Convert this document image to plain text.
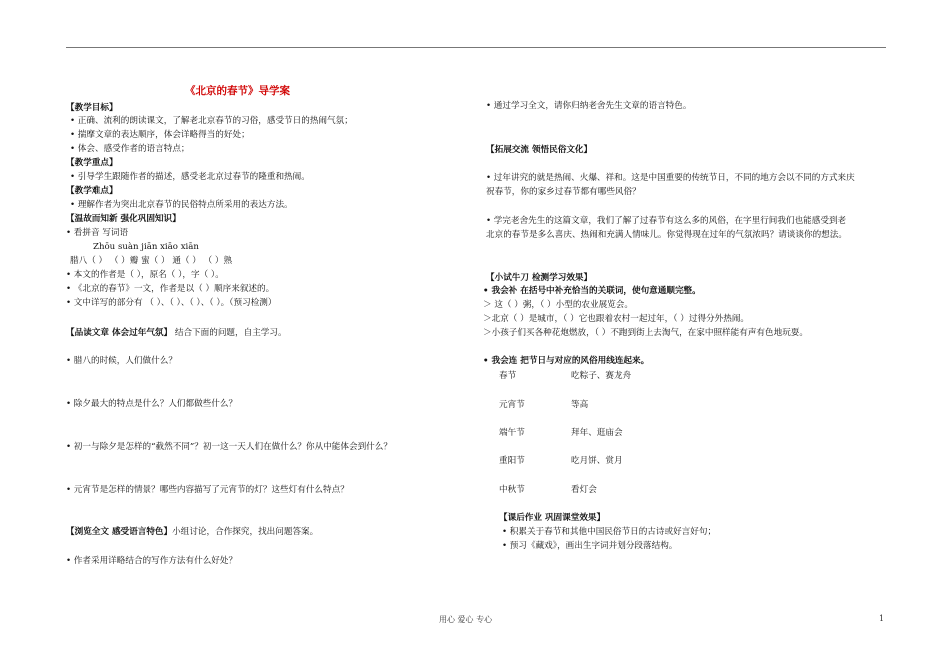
《北京的春节》导学案
【教学目标】
• 正确、流利的朗读课文，了解老北京春节的习俗，感受节日的热闹气氛；
• 揣摩文章的表达顺序，体会详略得当的好处；
• 体会、感受作者的语言特点；
【教学重点】
• 引导学生跟随作者的描述，感受老北京过春节的隆重和热闹。
【教学难点】
• 理解作者为突出北京春节的民俗特点所采用的表达方法。
【温故而知新 强化巩固知识】
• 看拼音 写词语
Zhōu suàn jiān xiāo xiān
腊八（ ） （ ）瓣 蜜（ ） 通（ ） （ ）熟
• 本文的作者是（ ），原名（ ），字（ ）。
• 《北京的春节》一文，作者是以（ ）顺序来叙述的。
• 文中详写的部分有 （ ）、（ ）、（ ）、（ ）。（预习检测）
【品读文章 体会过年气氛】 结合下面的问题，自主学习。
• 腊八的时候，人们做什么？
• 除夕最大的特点是什么？人们都做些什么？
• 初一与除夕是怎样的“截然不同”？初一这一天人们在做什么？你从中能体会到什么？
• 元宵节是怎样的情景？哪些内容描写了元宵节的灯？这些灯有什么特点？
【浏览全文 感受语言特色】小组讨论，合作探究，找出问题答案。
• 作者采用详略结合的写作方法有什么好处？
• 通过学习全文，请你归纳老舍先生文章的语言特色。
【拓展交流 领悟民俗文化】
• 过年讲究的就是热闹、火爆、祥和。这是中国重要的传统节日，不同的地方会以不同的方式来庆
祝春节，你的家乡过春节都有哪些风俗？
• 学完老舍先生的这篇文章，我们了解了过春节有这么多的风俗，在字里行间我们也能感受到老
北京的春节是多么喜庆、热闹和充满人情味儿。你觉得现在过年的气氛浓吗？请谈谈你的想法。
【小试牛刀 检测学习效果】
• 我会补 在括号中补充恰当的关联词，使句意通顺完整。
＞ 这（ ）粥，（ ）小型的农业展览会。
＞北京（ ）是城市，（ ）它也跟着农村一起过年，（ ）过得分外热闹。
＞小孩子们买各种花炮燃放，（ ）不跑到街上去淘气，在家中照样能有声有色地玩耍。
• 我会连 把节日与对应的风俗用线连起来。
春节	吃粽子、赛龙舟
元宵节	等高
端午节	拜年、逛庙会
重阳节	吃月饼、赏月
中秋节	看灯会
【课后作业 巩固课堂效果】
• 积累关于春节和其他中国民俗节日的古诗或好言好句；
• 预习《藏戏》，画出生字词并划分段落结构。
用心 爱心 专心	1
